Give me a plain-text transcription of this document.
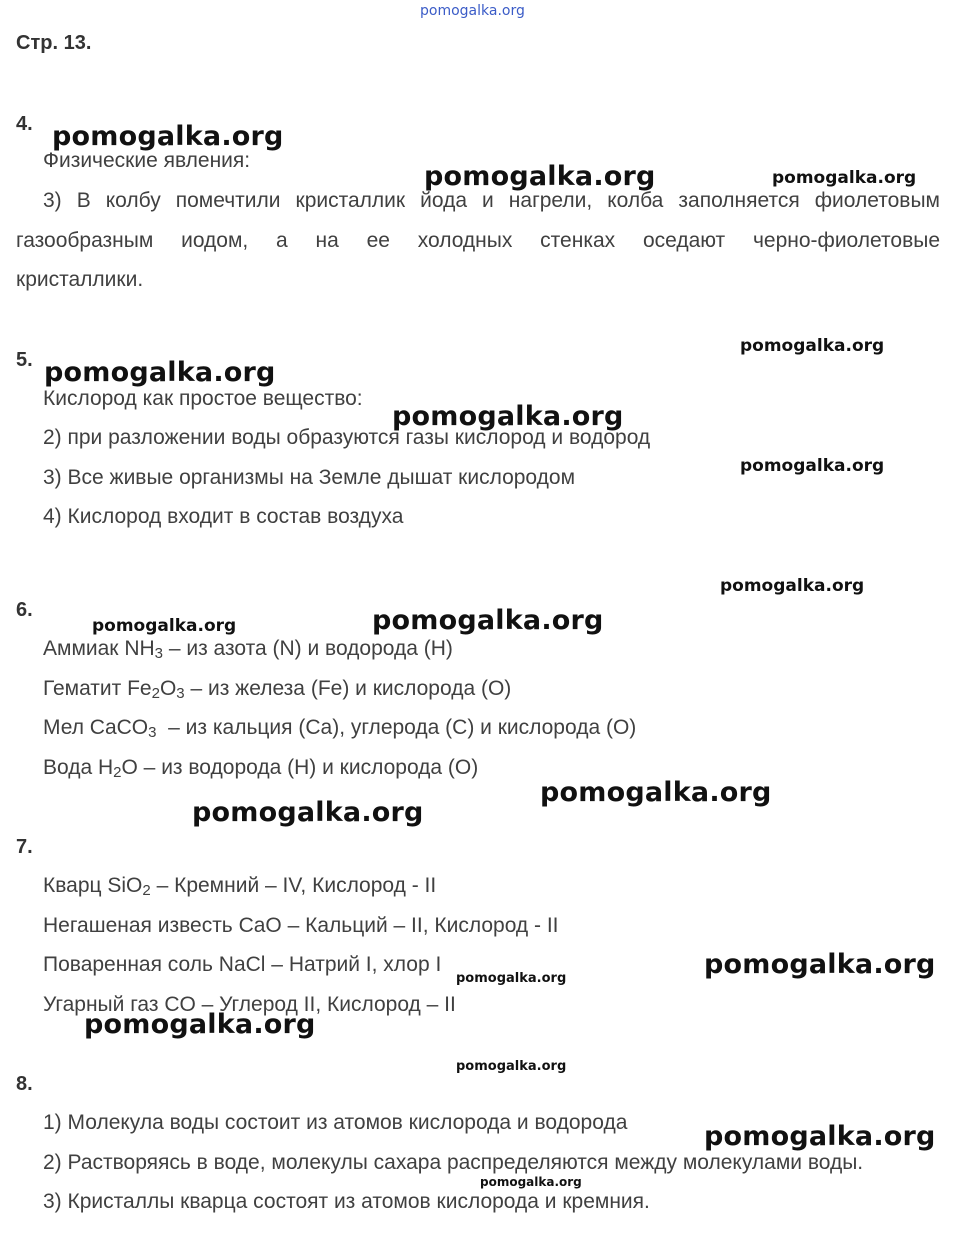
pomogalka.org
Стр. 13.
4.
Физические явления:
3) В колбу помечтили кристаллик йода и нагрели, колба заполняется фиолетовым
газообразным иодом, а на ее холодных стенках оседают черно-фиолетовые
кристаллики.
5.
Кислород как простое вещество:
2) при разложении воды образуются газы кислород и водород
3) Все живые организмы на Земле дышат кислородом
4) Кислород входит в состав воздуха
6.
Аммиак $NH_3$ – из азота (N) и водорода (H)
Гематит $Fe_2O_3$ – из железа (Fe) и кислорода (O)
Мел CaCO$_3$  – из кальция (Ca), углерода (C) и кислорода (O)
Вода $H_2O$ – из водорода (H) и кислорода (O)
7.
Кварц SiO$_2$ – Кремний – IV, Кислород - II
Негашеная известь CaO – Кальций – II, Кислород - II
Поваренная соль NaCl – Натрий I, хлор I
Угарный газ CO – Углерод II, Кислород – II
8.
1) Молекула воды состоит из атомов кислорода и водорода
2) Растворяясь в воде, молекулы сахара распределяются между молекулами воды.
3) Кристаллы кварца состоят из атомов кислорода и кремния.
pomogalka.org
pomogalka.org	pomogalka.org
pomogalka.org
pomogalka.org
pomogalka.org
pomogalka.org
pomogalka.org
pomogalka.org	pomogalka.org
pomogalka.org
pomogalka.org
pomogalka.org
pomogalka.org
pomogalka.org
pomogalka.org
pomogalka.org
pomogalka.org
